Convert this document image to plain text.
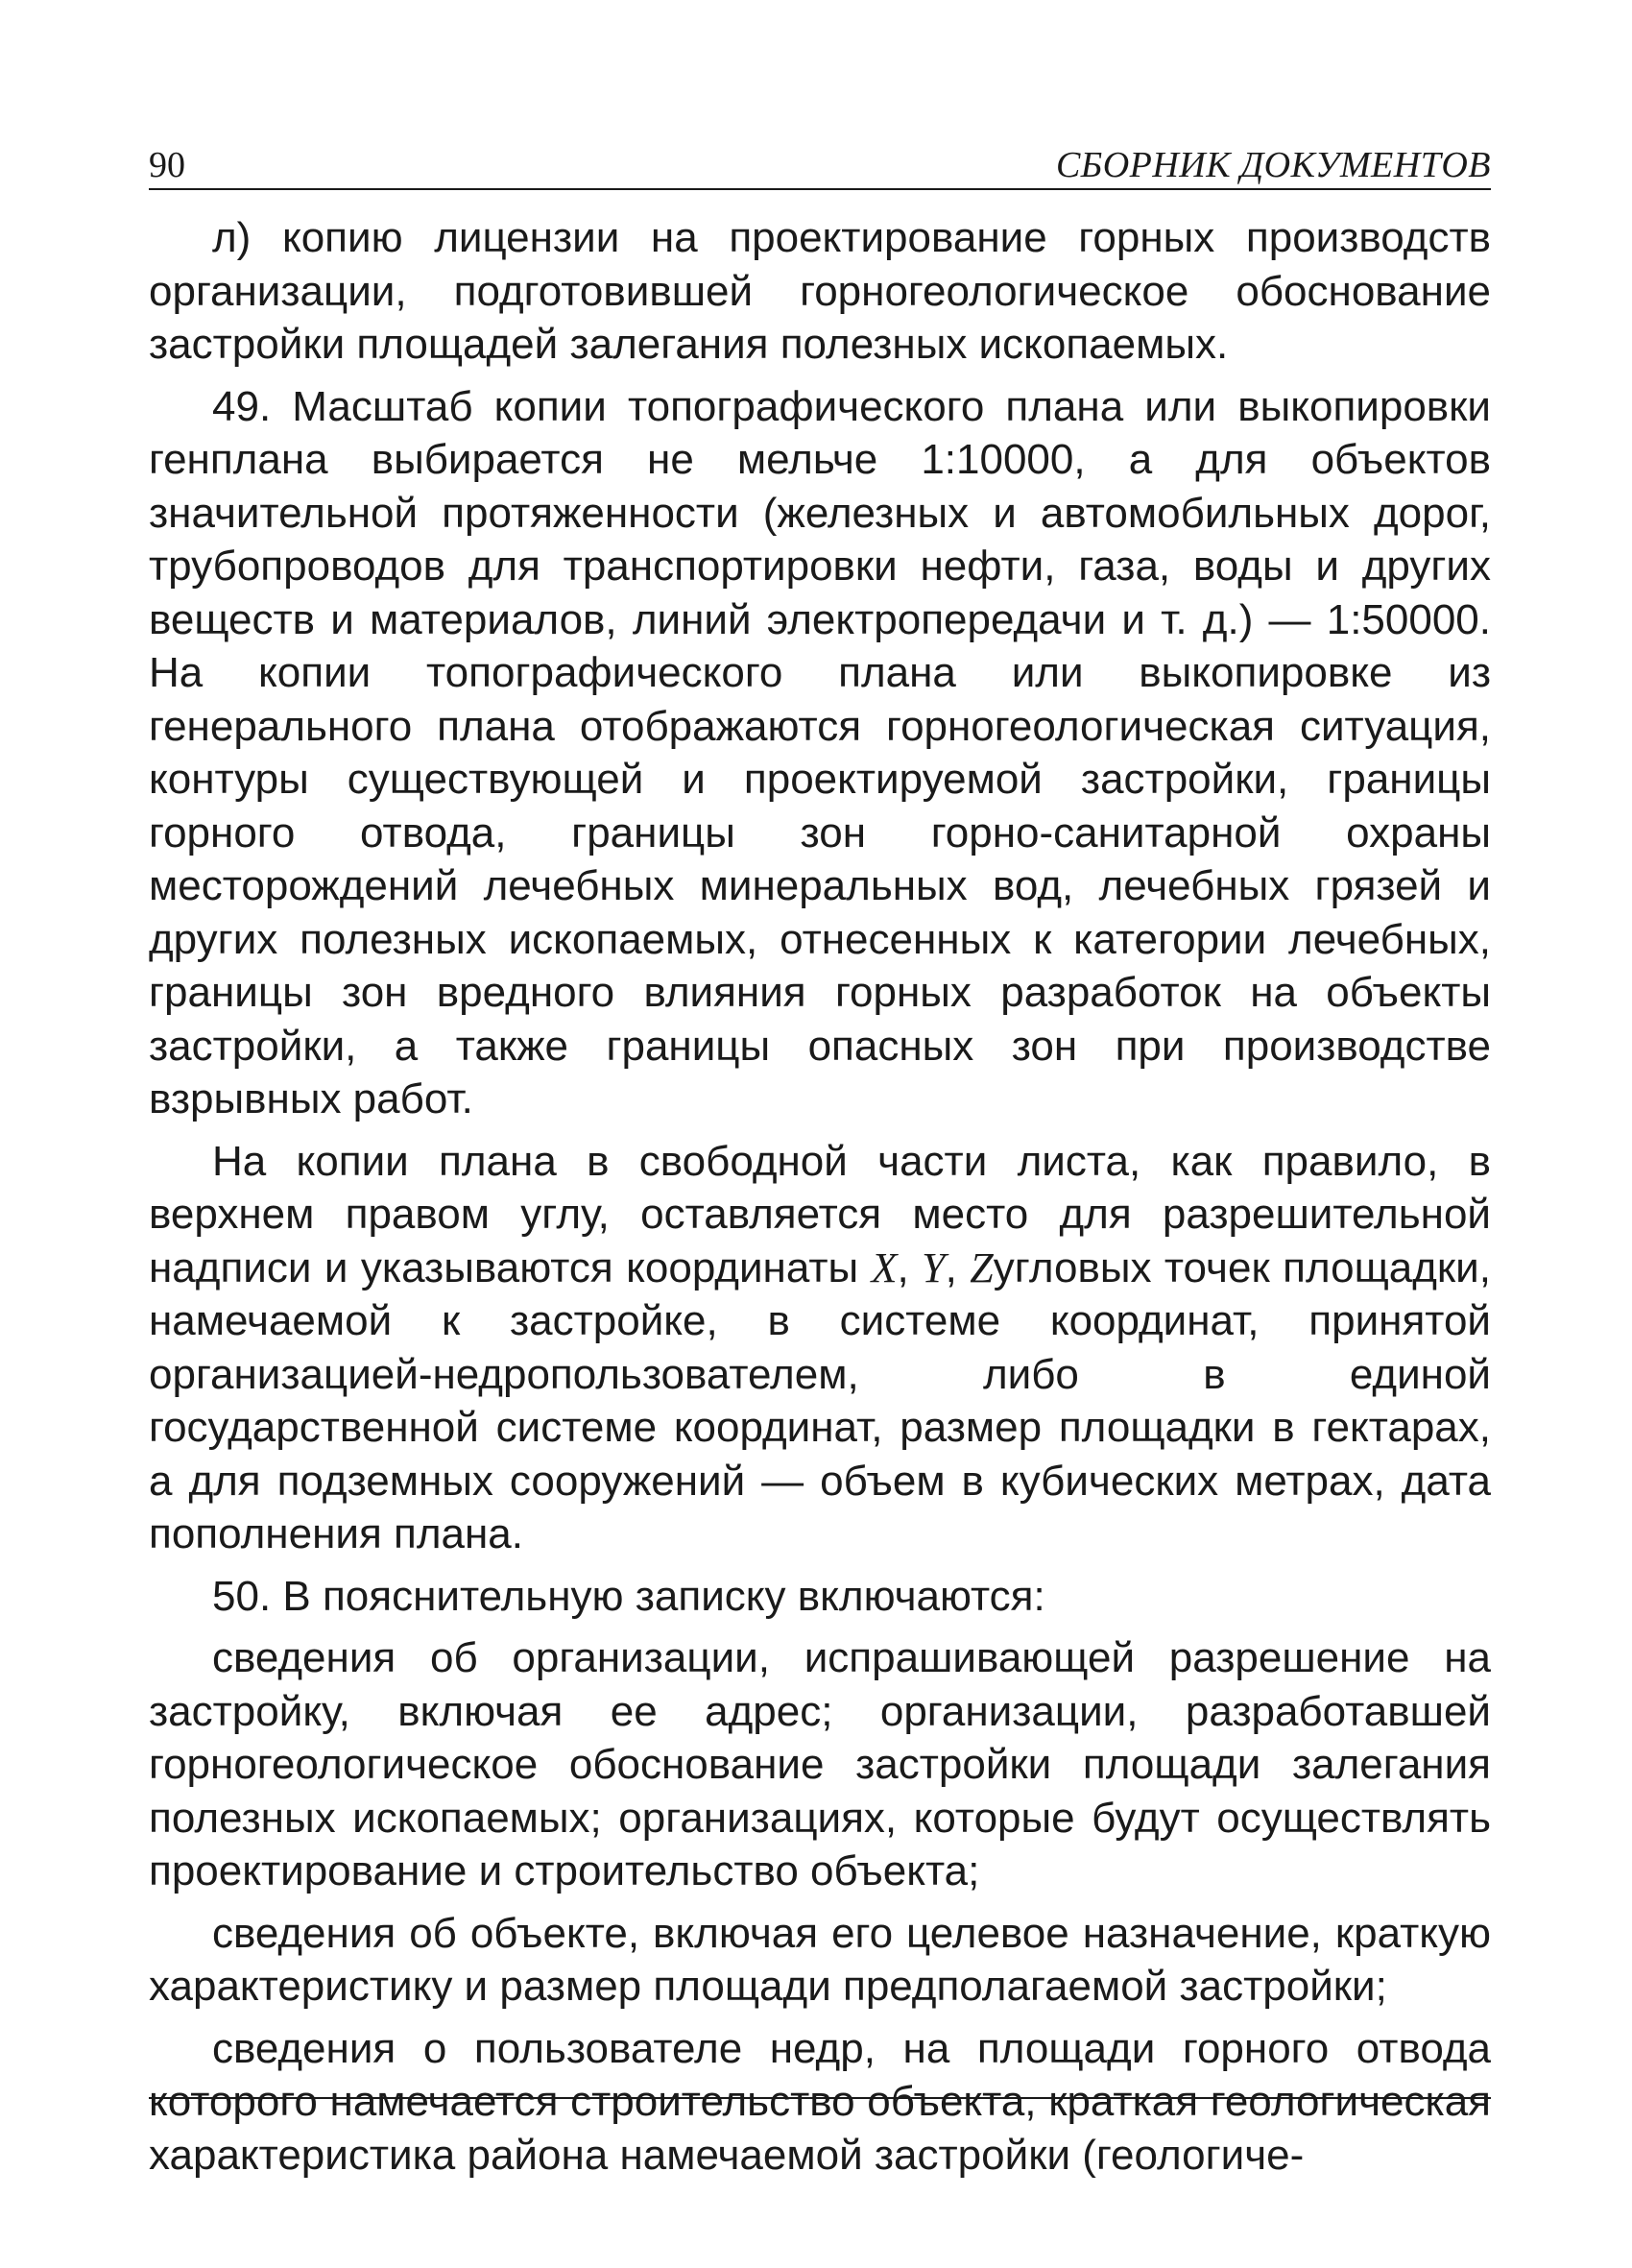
90	СБОРНИК ДОКУМЕНТОВ

л) копию лицензии на проектирование горных производств организации, подготовившей горногеологическое обоснование застройки площадей залегания полезных ископаемых.

49. Масштаб копии топографического плана или выкопировки генплана выбирается не мельче 1:10000, а для объектов значительной протяженности (железных и автомобильных дорог, трубопроводов для транспортировки нефти, газа, воды и других веществ и материалов, линий электропередачи и т. д.) — 1:50000. На копии топографического плана или выкопировке из генерального плана отображаются горногеологическая ситуация, контуры существующей и проектируемой застройки, границы горного отвода, границы зон горно-санитарной охраны месторождений лечебных минеральных вод, лечебных грязей и других полезных ископаемых, отнесенных к категории лечебных, границы зон вредного влияния горных разработок на объекты застройки, а также границы опасных зон при производстве взрывных работ.

На копии плана в свободной части листа, как правило, в верхнем правом углу, оставляется место для разрешительной надписи и указываются координаты X, Y, Zугловых точек площадки, намечаемой к застройке, в системе координат, принятой организацией-недропользователем, либо в единой государственной системе координат, размер площадки в гектарах, а для подземных сооружений — объем в кубических метрах, дата пополнения плана.

50. В пояснительную записку включаются:

сведения об организации, испрашивающей разрешение на застройку, включая ее адрес; организации, разработавшей горногеологическое обоснование застройки площади залегания полезных ископаемых; организациях, которые будут осуществлять проектирование и строительство объекта;

сведения об объекте, включая его целевое назначение, краткую характеристику и размер площади предполагаемой застройки;

сведения о пользователе недр, на площади горного отвода которого намечается строительство объекта, краткая геологическая характеристика района намечаемой застройки (геологиче-
